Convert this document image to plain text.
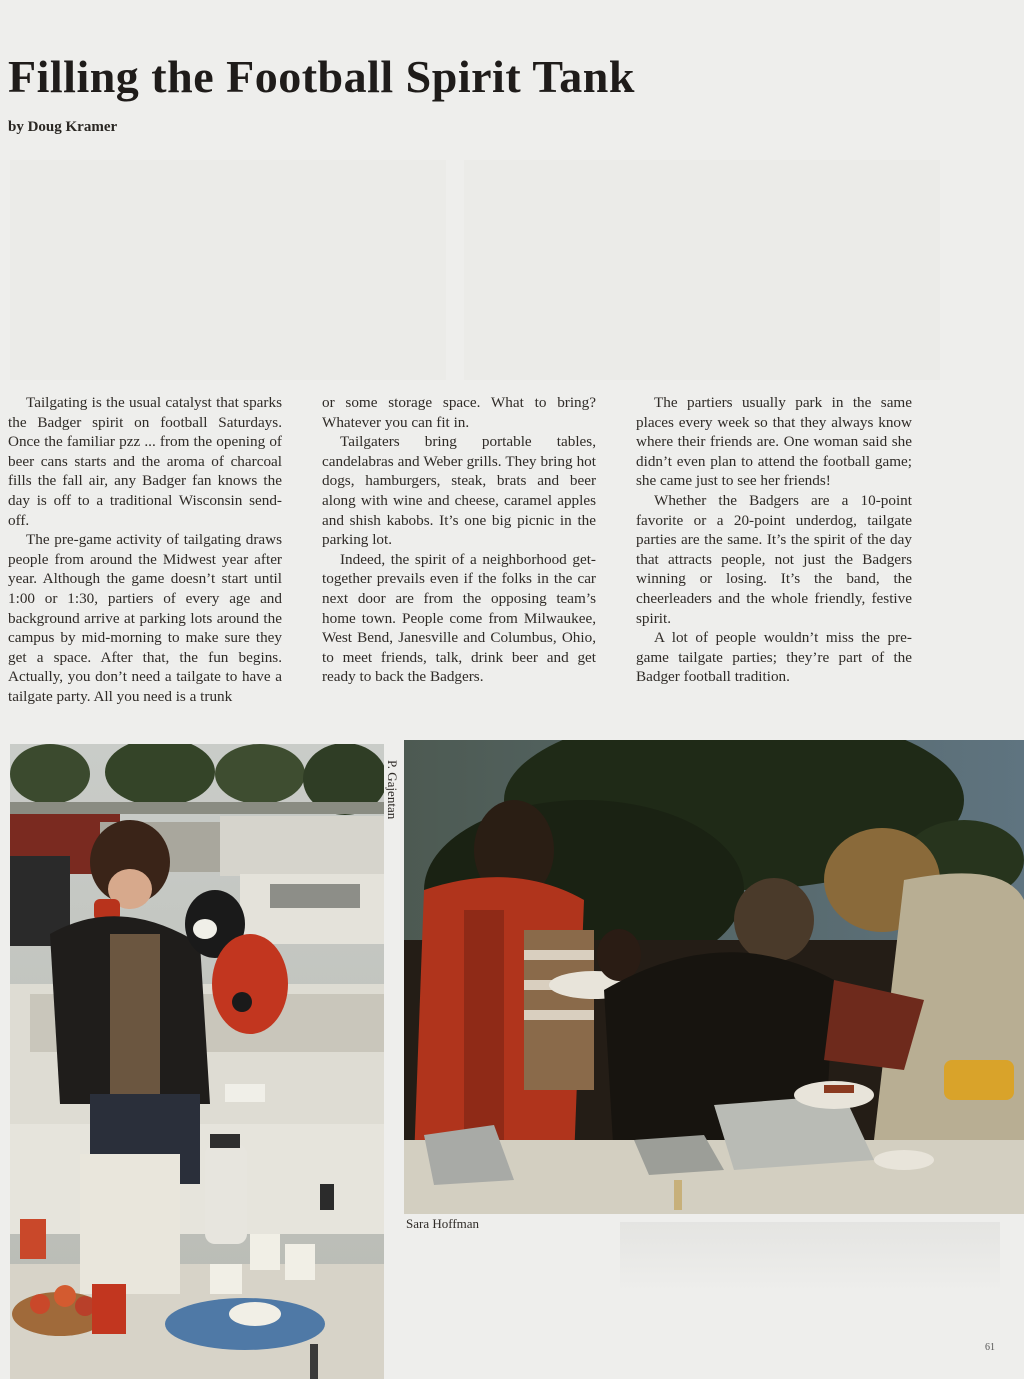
Filling the Football Spirit Tank
by Doug Kramer

Tailgating is the usual catalyst that sparks the Badger spirit on football Saturdays. Once the familiar pzz ... from the opening of beer cans starts and the aroma of charcoal fills the fall air, any Badger fan knows the day is off to a traditional Wisconsin send-off.

The pre-game activity of tailgating draws people from around the Midwest year after year. Although the game doesn’t start until 1:00 or 1:30, partiers of every age and background arrive at parking lots around the campus by mid-morning to make sure they get a space. After that, the fun begins. Actually, you don’t need a tailgate to have a tailgate party. All you need is a trunk

or some storage space. What to bring? Whatever you can fit in.

Tailgaters bring portable tables, candelabras and Weber grills. They bring hot dogs, hamburgers, steak, brats and beer along with wine and cheese, caramel apples and shish kabobs. It’s one big picnic in the parking lot.

Indeed, the spirit of a neighborhood get-together prevails even if the folks in the car next door are from the opposing team’s home town. People come from Milwaukee, West Bend, Janesville and Columbus, Ohio, to meet friends, talk, drink beer and get ready to back the Badgers.

The partiers usually park in the same places every week so that they always know where their friends are. One woman said she didn’t even plan to attend the football game; she came just to see her friends!

Whether the Badgers are a 10-point favorite or a 20-point underdog, tailgate parties are the same. It’s the spirit of the day that attracts people, not just the Badgers winning or losing. It’s the band, the cheerleaders and the whole friendly, festive spirit.

A lot of people wouldn’t miss the pre-game tailgate parties; they’re part of the Badger football tradition.

P. Gajentan
Sara Hoffman
61
